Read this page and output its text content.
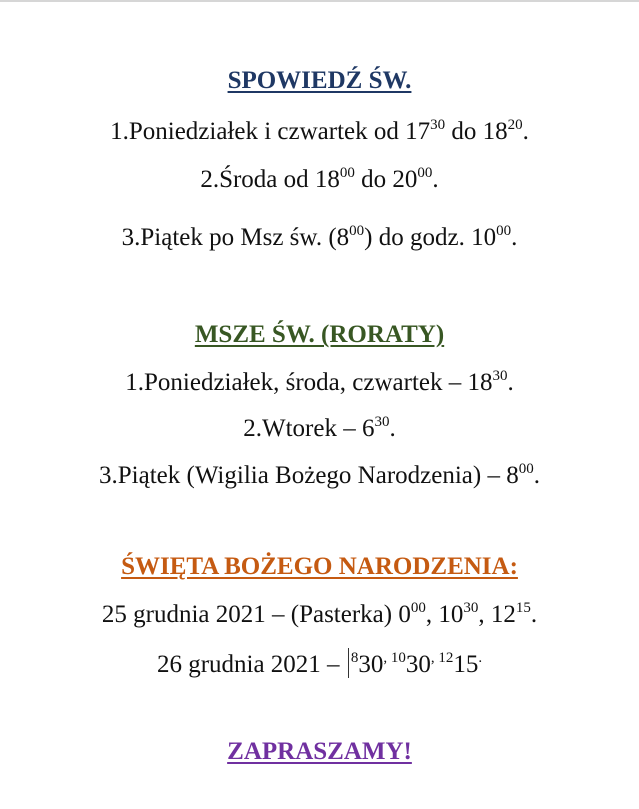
SPOWIEDŹ ŚW.
1.Poniedziałek i czwartek od $17^{30}$ do $18^{20}$.
2.Środa od $18^{00}$ do $20^{00}$.
3.Piątek po Msz św. $(8^{00})$ do godz. $10^{00}$.
MSZE ŚW. (RORATY)
1.Poniedziałek, środa, czwartek – $18^{30}$.
2.Wtorek – $6^{30}$.
3.Piątek (Wigilia Bożego Narodzenia) – $8^{00}$.
ŚWIĘTA BOŻEGO NARODZENIA:
25 grudnia 2021 – (Pasterka) $0^{00}$, $10^{30}$, $12^{15}$.
26 grudnia $2021 - ^830^{, 10}30^{, 12}15^.$
ZAPRASZAMY!
